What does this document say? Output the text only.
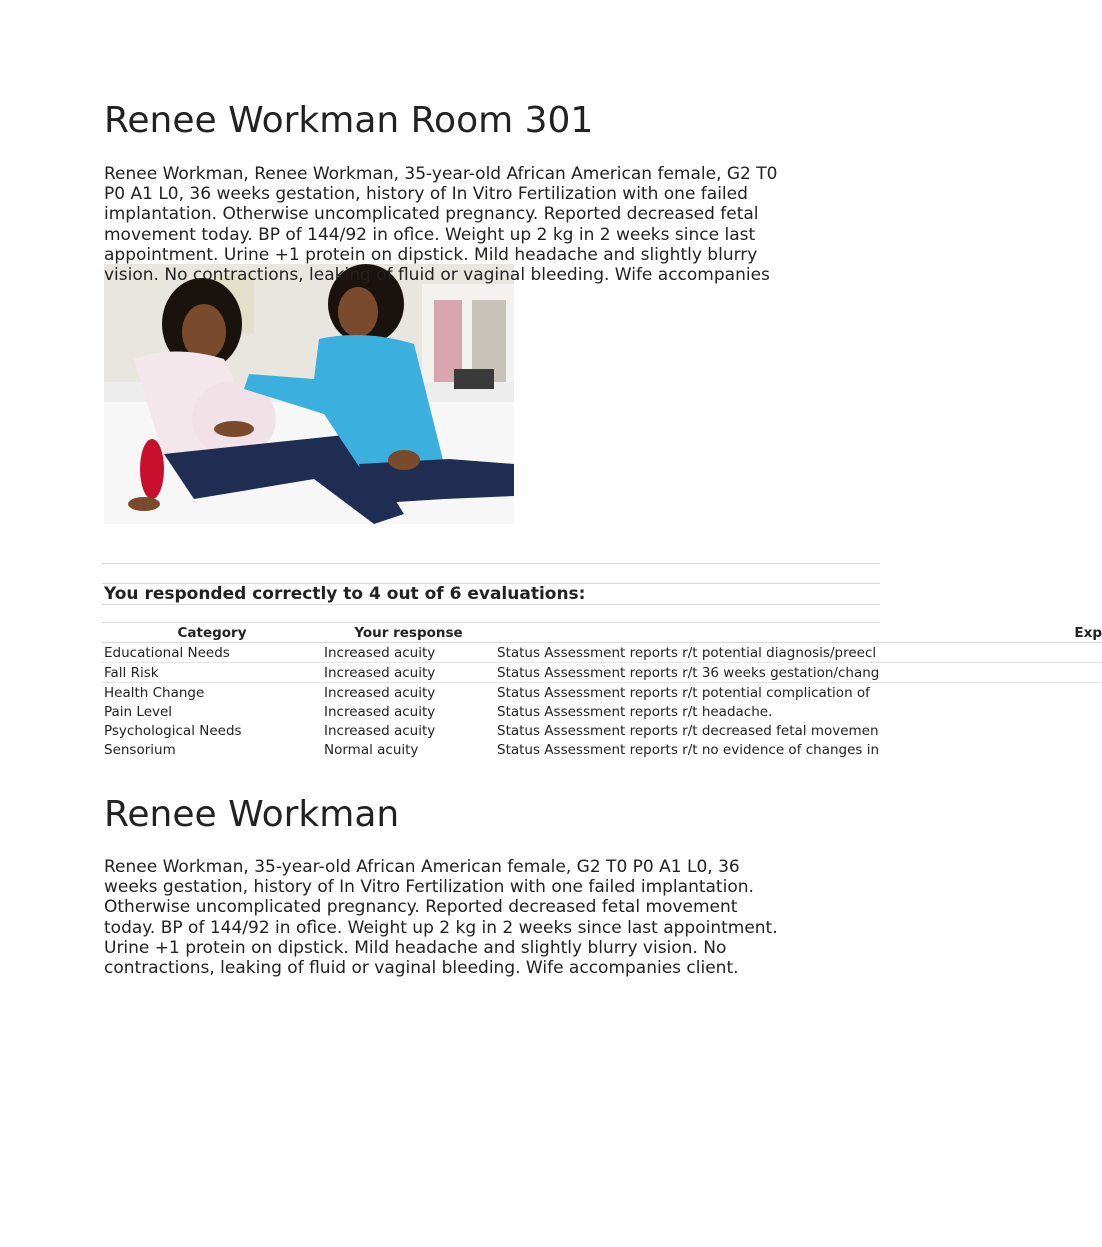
Renee Workman Room 301

Renee Workman, Renee Workman, 35-year-old African American female, G2 T0 P0 A1 L0, 36 weeks gestation, history of In Vitro Fertilization with one failed implantation. Otherwise uncomplicated pregnancy. Reported decreased fetal movement today. BP of 144/92 in ofi̇̀ce. Weight up 2 kg in 2 weeks since last appointment. Urine +1 protein on dipstick. Mild headache and slightly blurry vision. No contractions, leaking of fluid or vaginal bleeding. Wife accompanies

You responded correctly to 4 out of 6 evaluations:
Category	Your response	Exp
Educational Needs	Increased acuity	Status Assessment reports r/t potential diagnosis/preecl
Fall Risk	Increased acuity	Status Assessment reports r/t 36 weeks gestation/chang
Health Change	Increased acuity	Status Assessment reports r/t potential complication of
Pain Level	Increased acuity	Status Assessment reports r/t headache.
Psychological Needs	Increased acuity	Status Assessment reports r/t decreased fetal movemen
Sensorium	Normal acuity	Status Assessment reports r/t no evidence of changes in
Renee Workman

Renee Workman, 35-year-old African American female, G2 T0 P0 A1 L0, 36 weeks gestation, history of In Vitro Fertilization with one failed implantation. Otherwise uncomplicated pregnancy. Reported decreased fetal movement today. BP of 144/92 in ofi̇̀ce. Weight up 2 kg in 2 weeks since last appointment. Urine +1 protein on dipstick. Mild headache and slightly blurry vision. No contractions, leaking of fluid or vaginal bleeding. Wife accompanies client.
